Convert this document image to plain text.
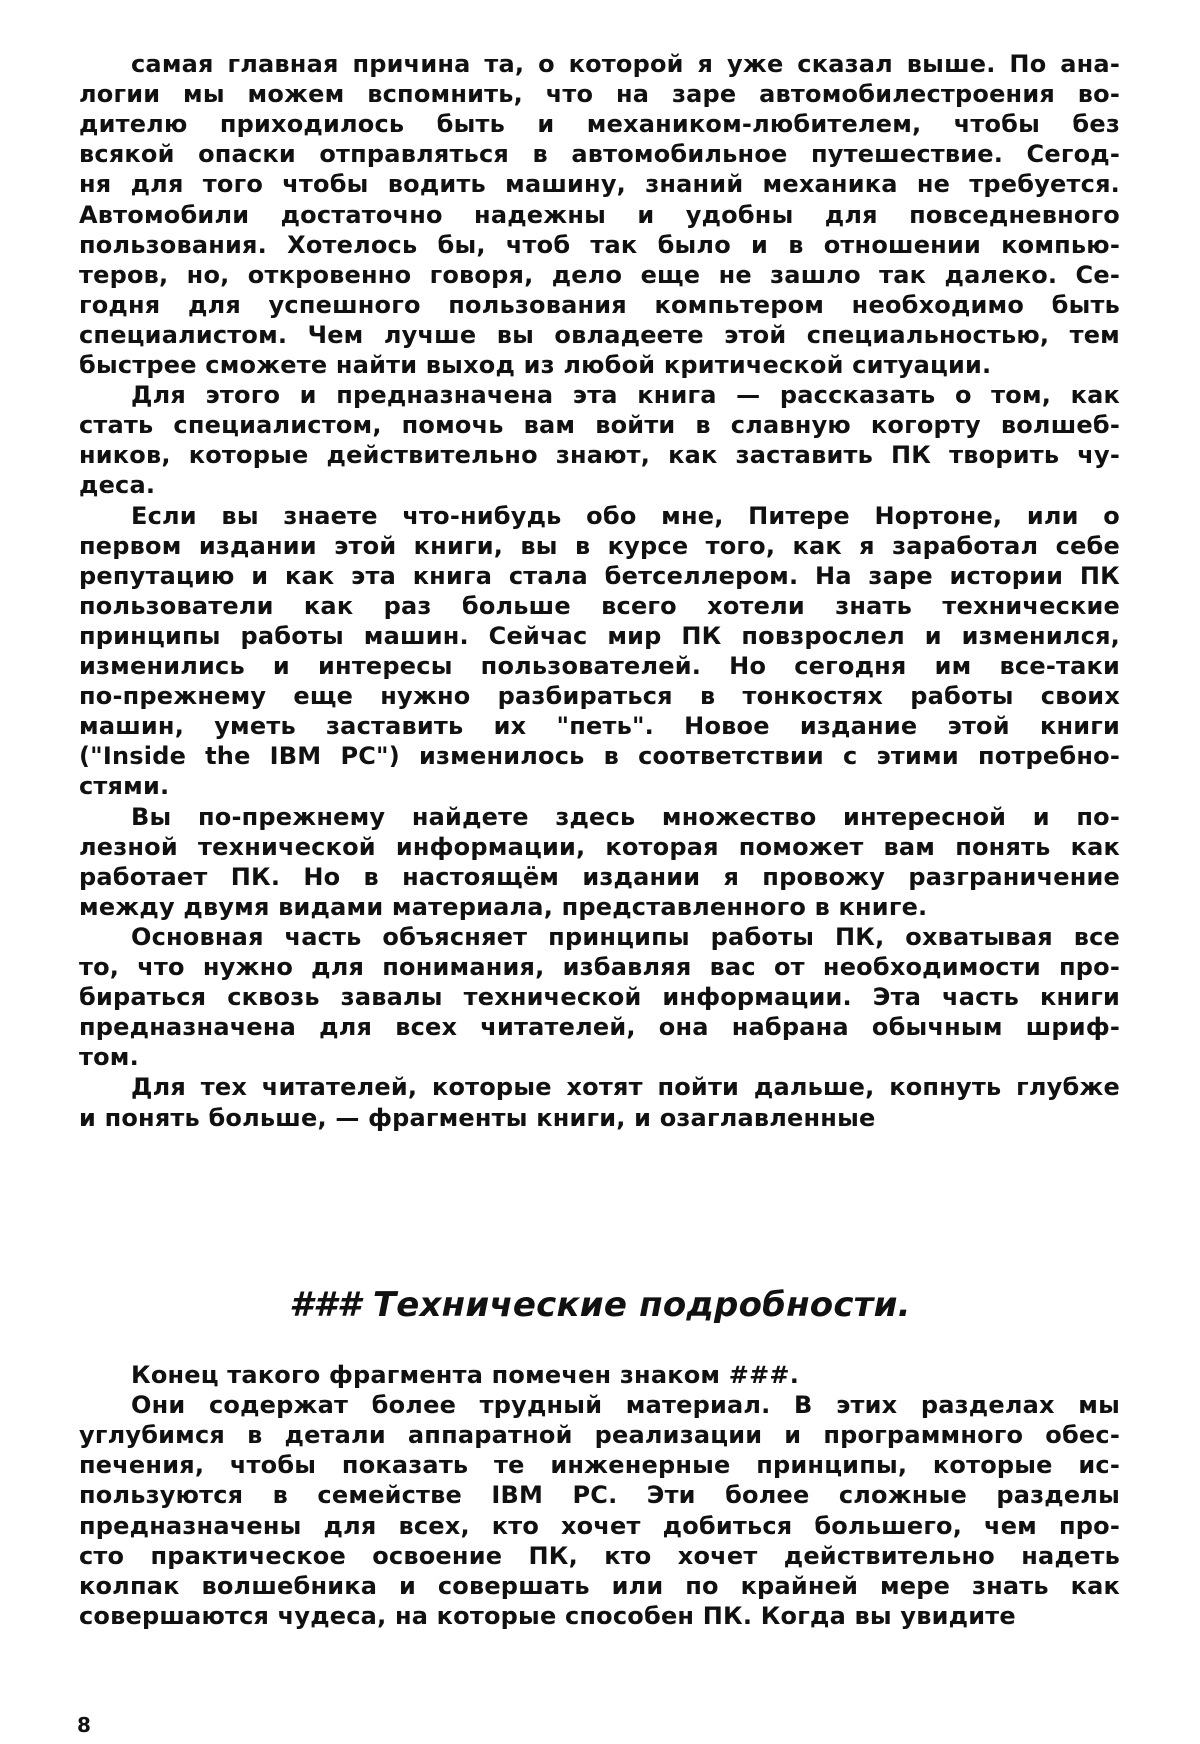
самая главная причина та, о которой я уже сказал выше. По ана-
логии мы можем вспомнить, что на заре автомобилестроения во-
дителю приходилось быть и механиком-любителем, чтобы без
всякой опаски отправляться в автомобильное путешествие. Сегод-
ня для того чтобы водить машину, знаний механика не требуется.
Автомобили достаточно надежны и удобны для повседневного
пользования. Хотелось бы, чтоб так было и в отношении компью-
теров, но, откровенно говоря, дело еще не зашло так далеко. Се-
годня для успешного пользования компьтером необходимо быть
специалистом. Чем лучше вы овладеете этой специальностью, тем
быстрее сможете найти выход из любой критической ситуации.
Для этого и предназначена эта книга — рассказать о том, как
стать специалистом, помочь вам войти в славную когорту волшеб-
ников, которые действительно знают, как заставить ПК творить чу-
деса.
Если вы знаете что-нибудь обо мне, Питере Нортоне, или о
первом издании этой книги, вы в курсе того, как я заработал себе
репутацию и как эта книга стала бетселлером. На заре истории ПК
пользователи как раз больше всего хотели знать технические
принципы работы машин. Сейчас мир ПК повзрослел и изменился,
изменились и интересы пользователей. Но сегодня им все-таки
по-прежнему еще нужно разбираться в тонкостях работы своих
машин, уметь заставить их "петь". Новое издание этой книги
("Inside the IBM PC") изменилось в соответствии с этими потребно-
стями.
Вы по-прежнему найдете здесь множество интересной и по-
лезной технической информации, которая поможет вам понять как
работает ПК. Но в настоящём издании я провожу разграничение
между двумя видами материала, представленного в книге.
Основная часть объясняет принципы работы ПК, охватывая все
то, что нужно для понимания, избавляя вас от необходимости про-
бираться сквозь завалы технической информации. Эта часть книги
предназначена для всех читателей, она набрана обычным шриф-
том.
Для тех читателей, которые хотят пойти дальше, копнуть глубже
и понять больше, — фрагменты книги, и озаглавленные
### Технические подробности.
Конец такого фрагмента помечен знаком ###.
Они содержат более трудный материал. В этих разделах мы
углубимся в детали аппаратной реализации и программного обес-
печения, чтобы показать те инженерные принципы, которые ис-
пользуются в семействе IBM PC. Эти более сложные разделы
предназначены для всех, кто хочет добиться большего, чем про-
сто практическое освоение ПК, кто хочет действительно надеть
колпак волшебника и совершать или по крайней мере знать как
совершаются чудеса, на которые способен ПК. Когда вы увидите
8
